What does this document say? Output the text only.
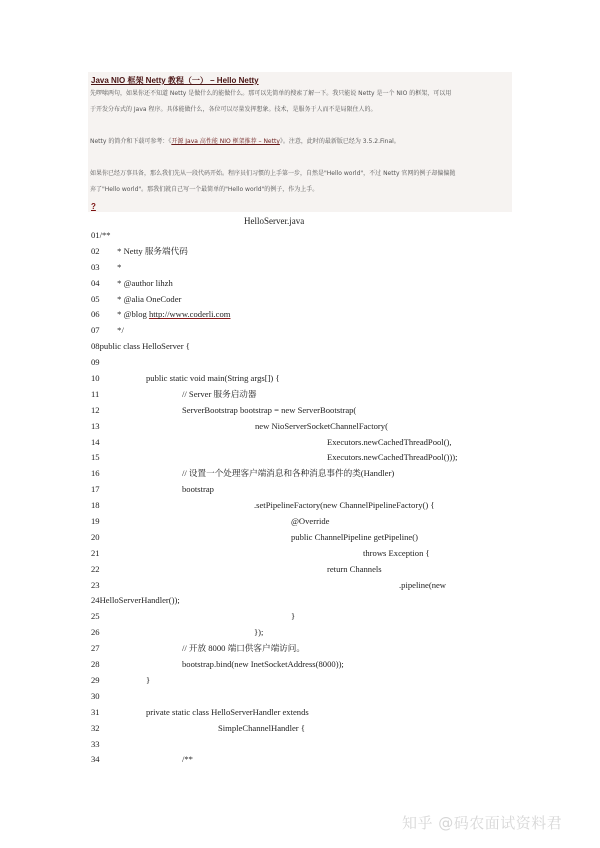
Java NIO 框架 Netty 教程（一） – Hello Netty

先啰嗦两句，如果你还不知道 Netty 是做什么的能做什么。那可以先简单的搜索了解一下。我只能说 Netty 是一个 NIO 的框架，可以用

于开发分布式的 Java 程序。具体能做什么，各位可以尽量发挥想象。技术，是服务于人而不是局限住人的。

Netty 的简介和下载可参考：《开源 Java 高性能 NIO 框架推荐 – Netty》。注意，此时的最新版已经为 3.5.2.Final。

如果你已经万事具备，那么我们先从一段代码开始。程序员们习惯的上手第一步，自然是"Hello world"，不过 Netty 官网的例子却偏偏抛

弃了"Hello world"。那我们就自己写一个最简单的"Hello world"的例子，作为上手。

?
HelloServer.java
01/**
02 * Netty 服务端代码
03 *
04 * @author lihzh
05 * @alia OneCoder
06 * @blog http://www.coderli.com
07 */
08public class HelloServer {
09
10	public static void main(String args[]) {
11	// Server 服务启动器
12	ServerBootstrap bootstrap = new ServerBootstrap(
13	new NioServerSocketChannelFactory(
14	Executors.newCachedThreadPool(),
15	Executors.newCachedThreadPool()));
16	// 设置一个处理客户端消息和各种消息事件的类(Handler)
17	bootstrap
18	.setPipelineFactory(new ChannelPipelineFactory() {
19	@Override
20	public ChannelPipeline getPipeline()
21	throws Exception {
22	return Channels
23	.pipeline(new
24HelloServerHandler());
25	}
26	});
27	// 开放 8000 端口供客户端访问。
28	bootstrap.bind(new InetSocketAddress(8000));
29	}
30
31	private static class HelloServerHandler extends
32	SimpleChannelHandler {
33
34	/**
知乎 @码农面试资料君
